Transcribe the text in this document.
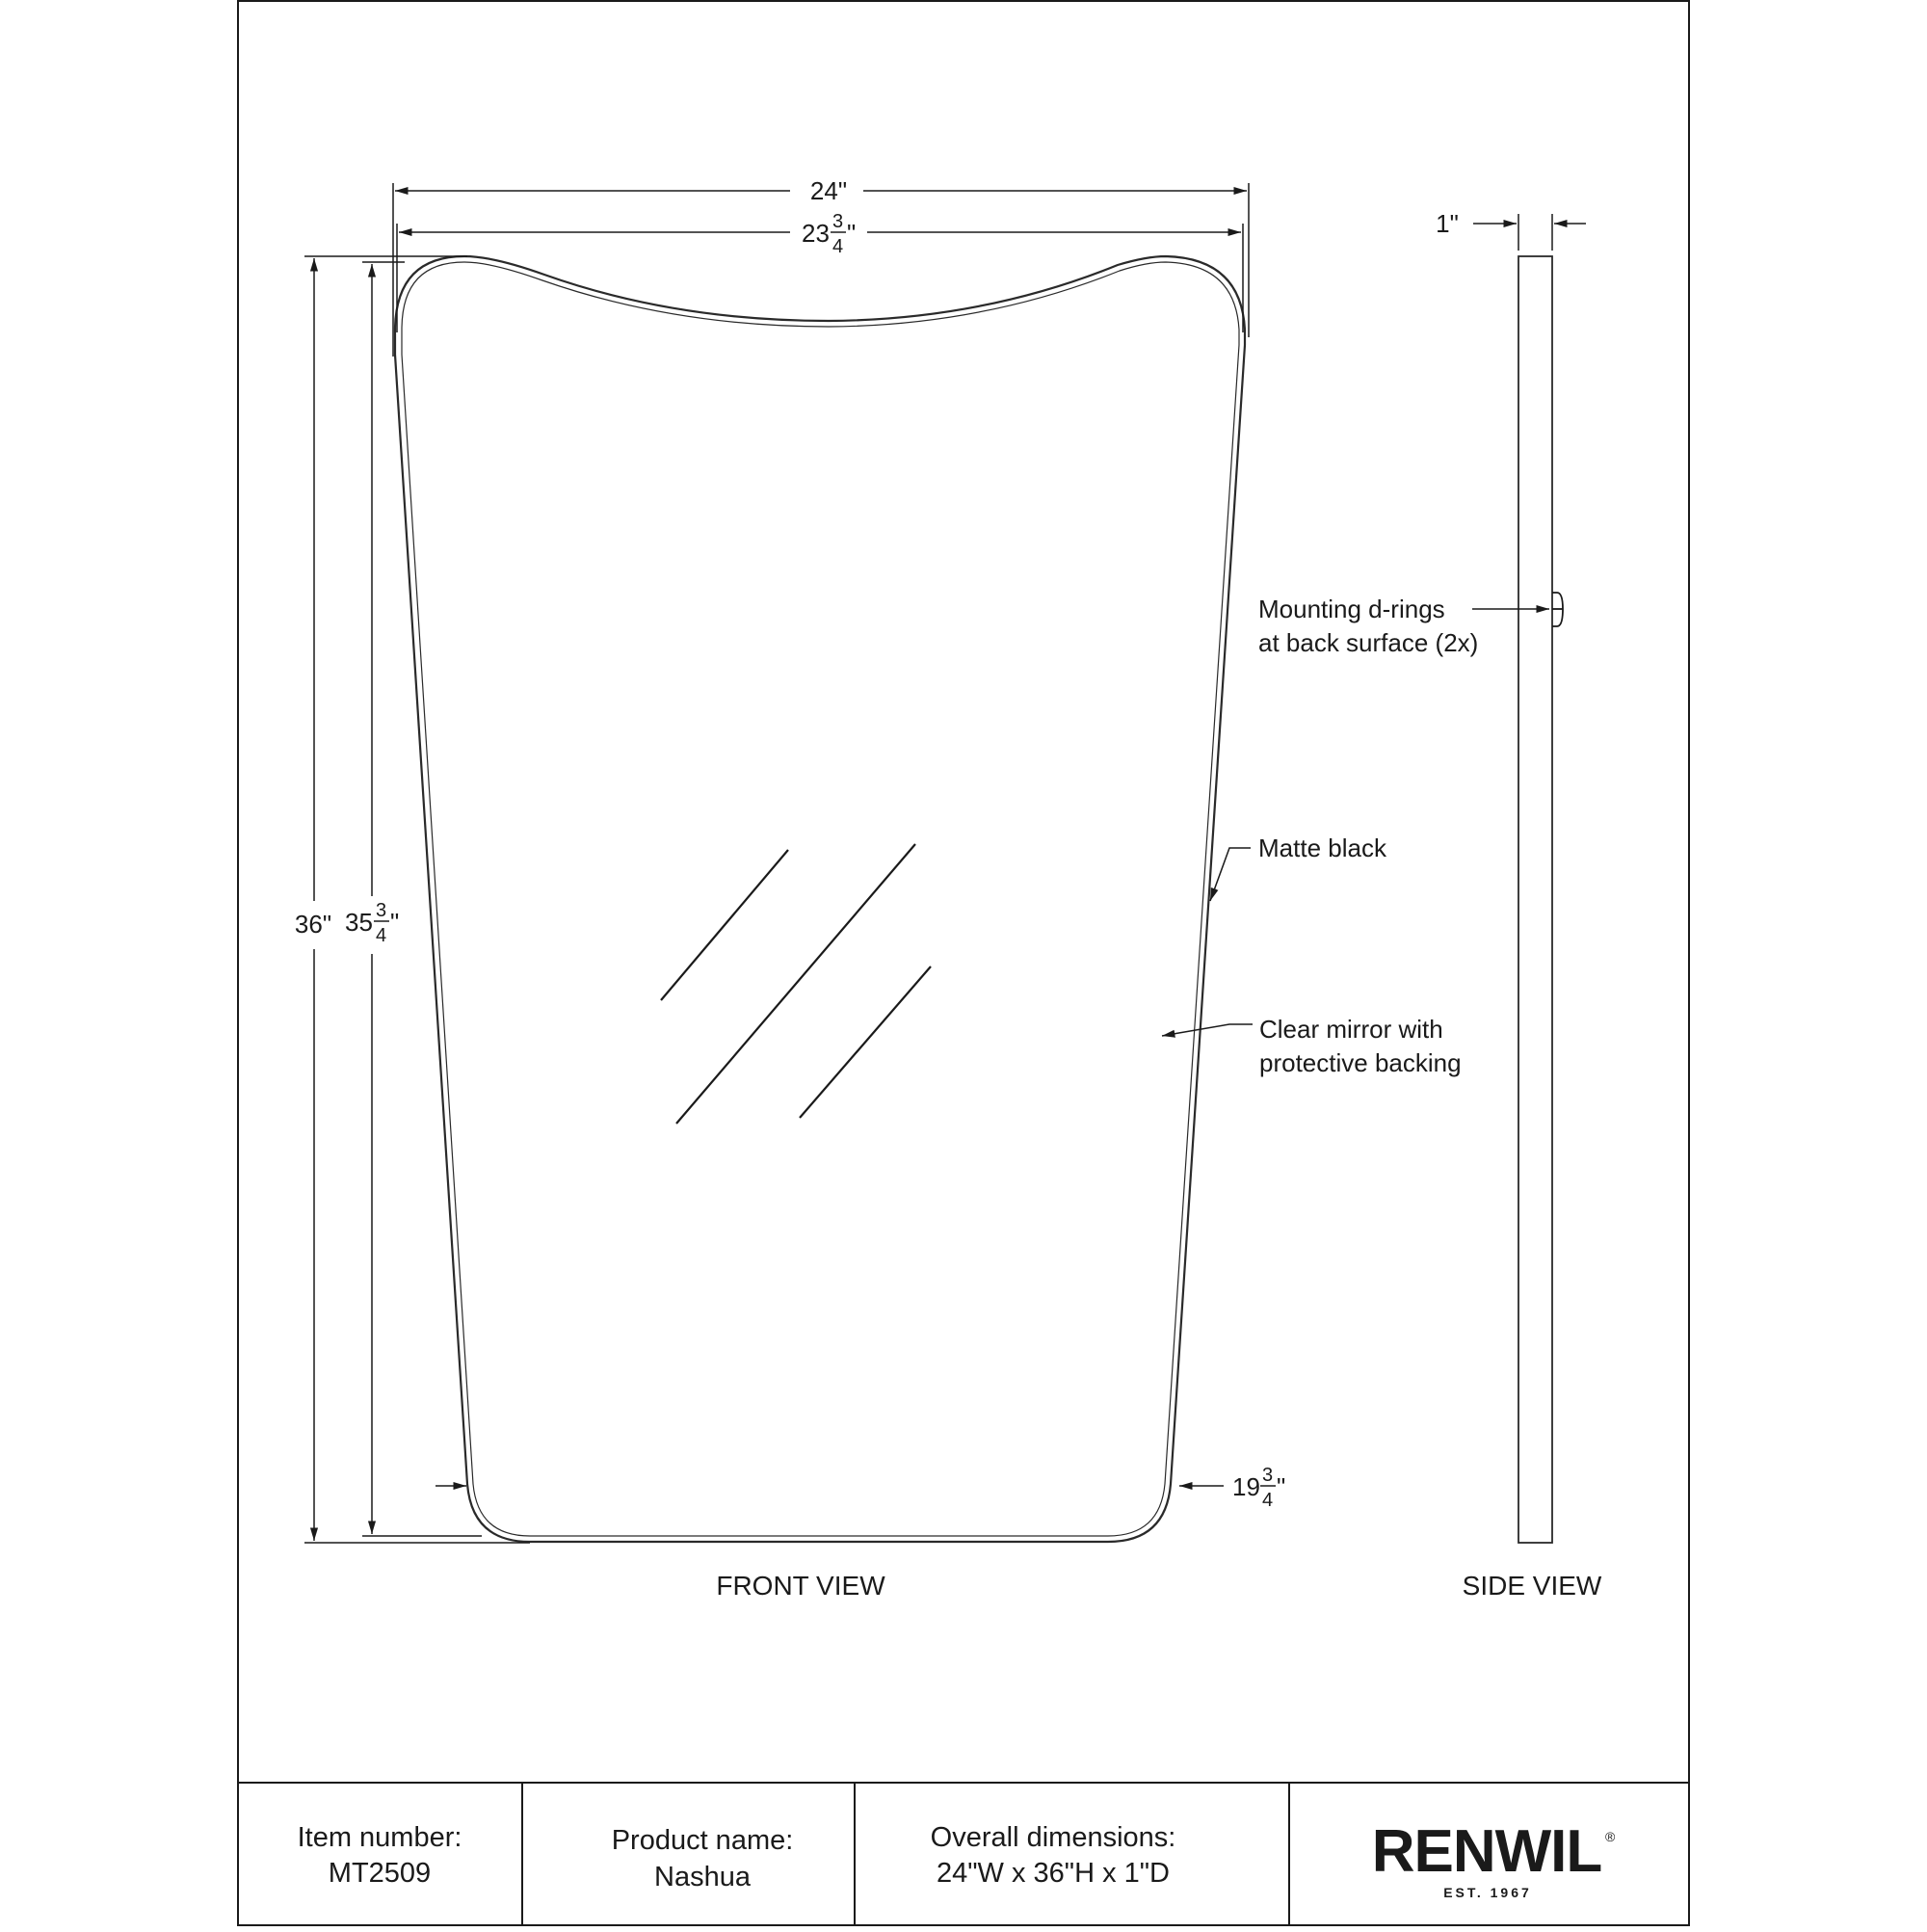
24"
23 3
4 "
36" 35 3
4 "
19 3
4 "
Matte black
Clear mirror with
protective backing
FRONT VIEW
1"
Mounting d-rings
at back surface (2x)
SIDE VIEW
Item number:
MT2509
Product name:
Nashua
Overall dimensions:
24"W x 36"H x 1"D	RENWIL ®
EST. 1967
